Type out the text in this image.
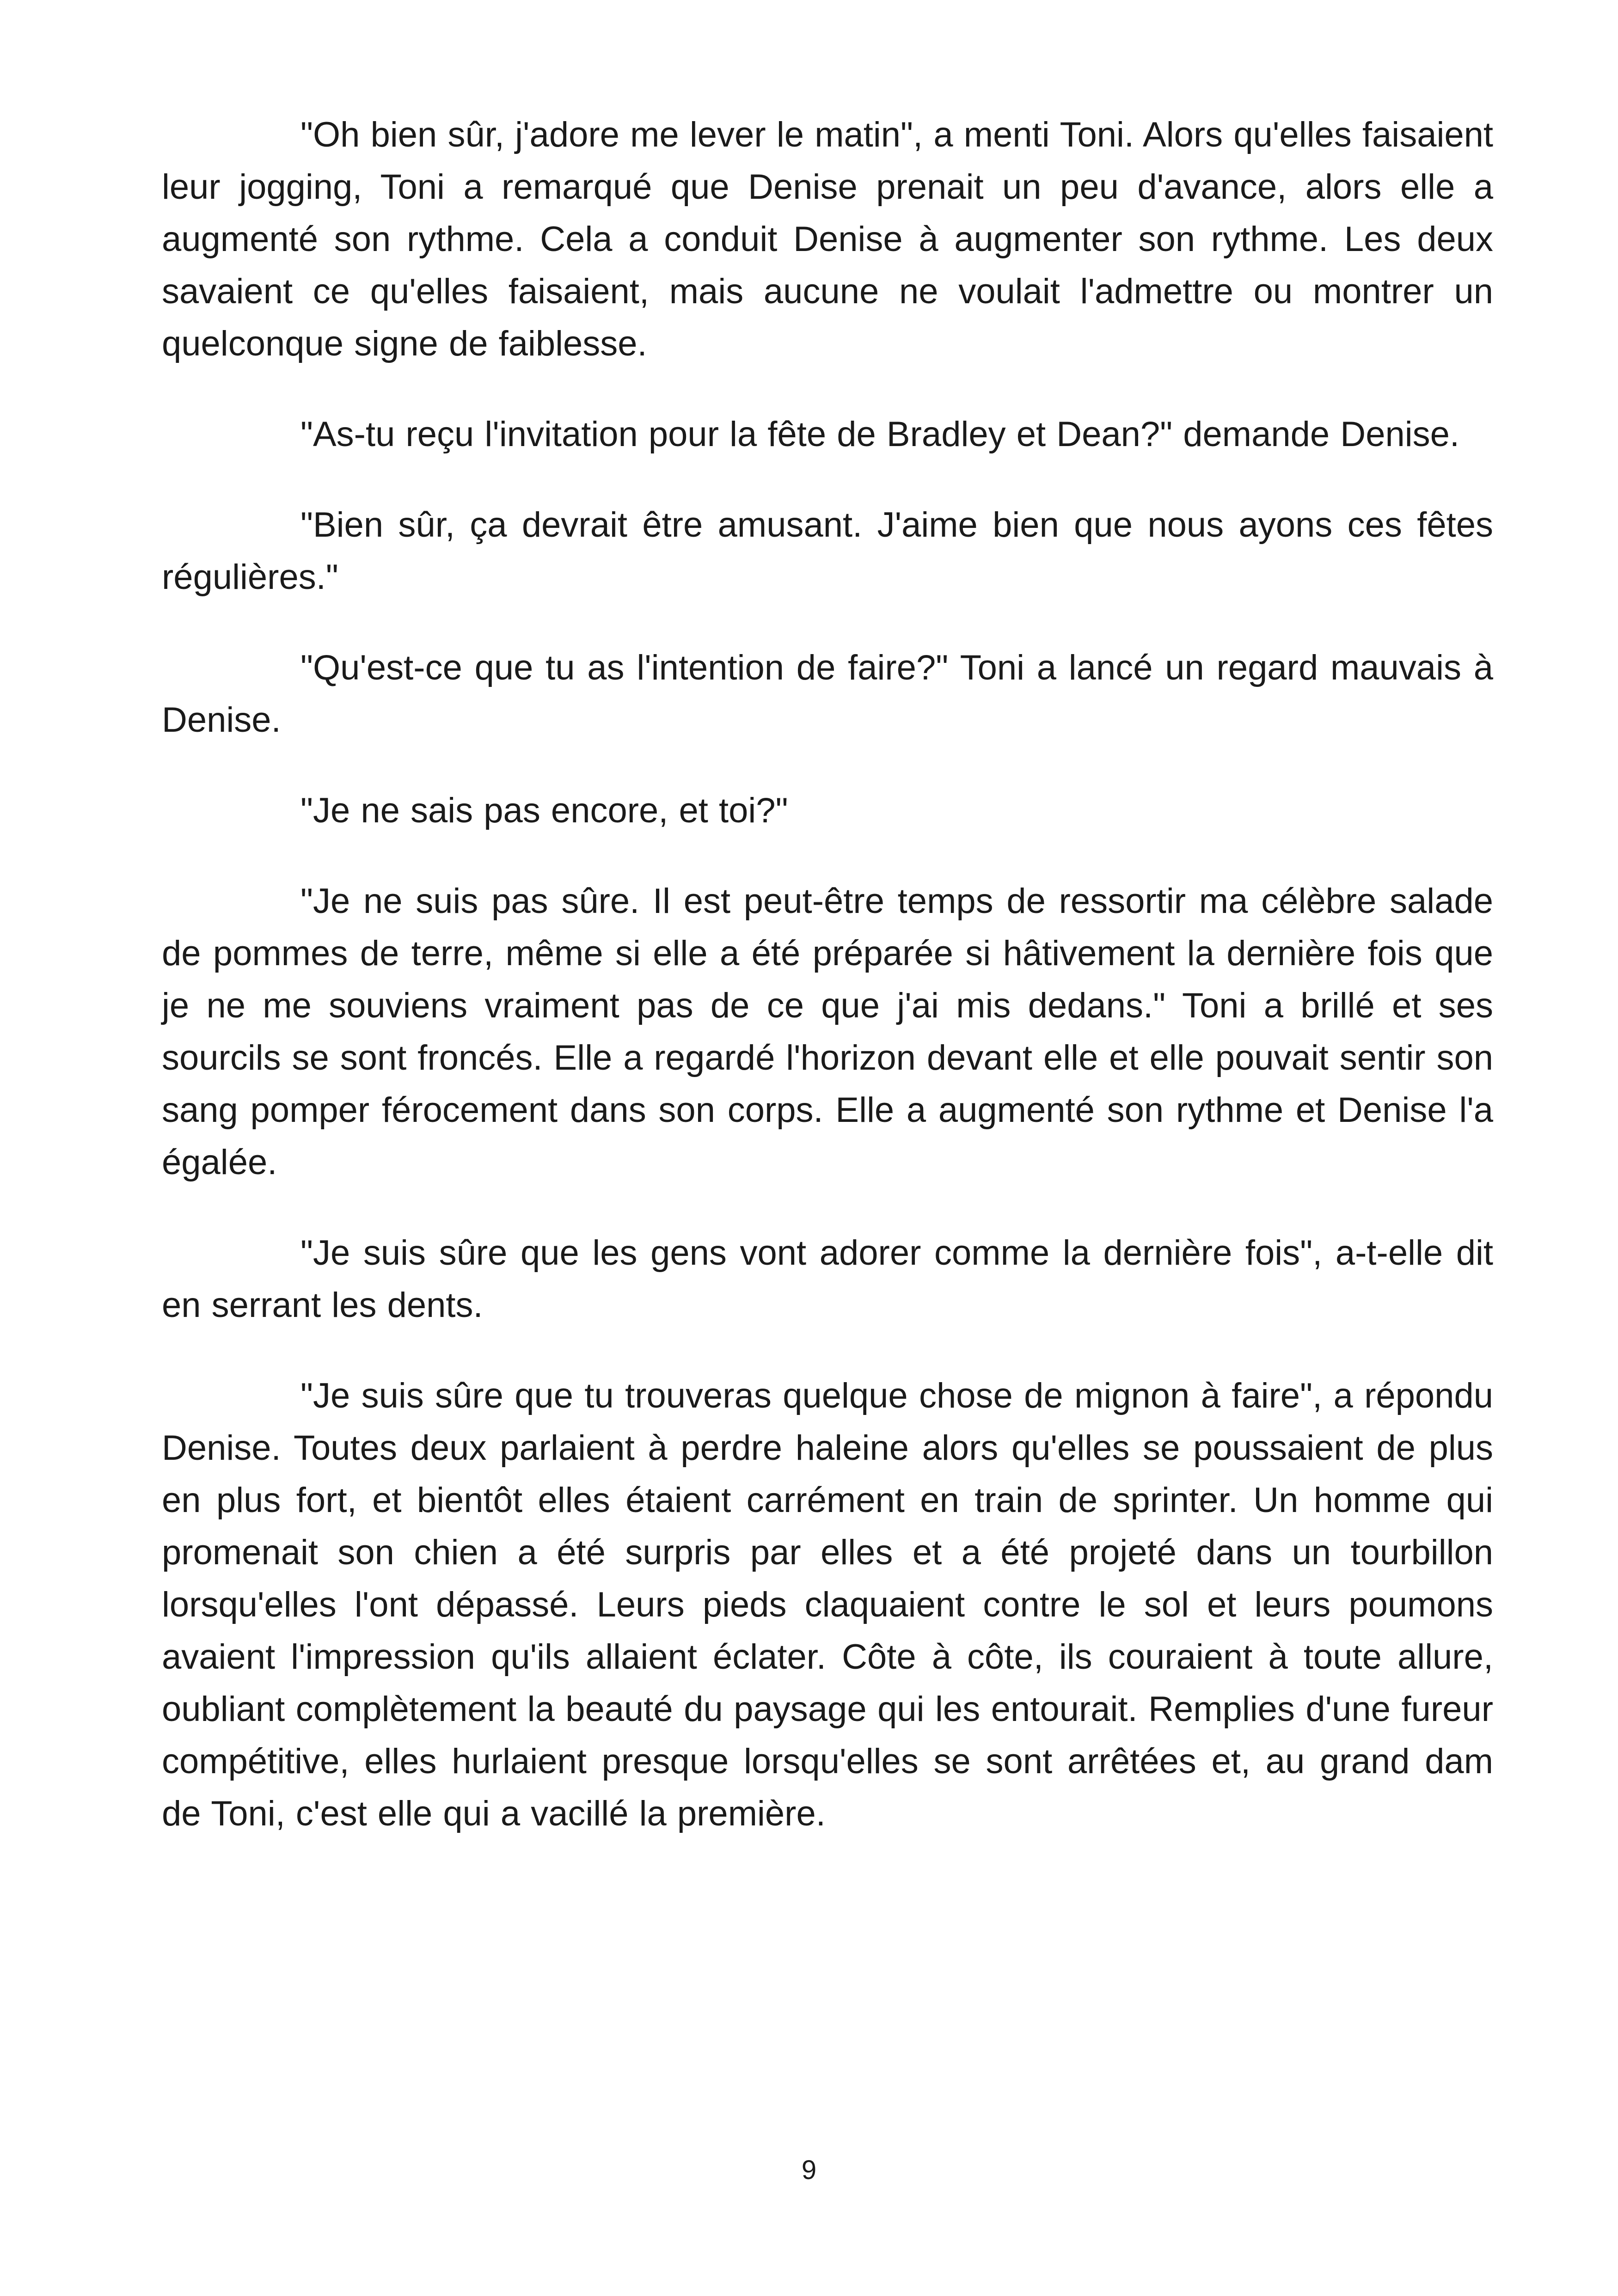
"Oh bien sûr, j'adore me lever le matin", a menti Toni. Alors qu'elles faisaient leur jogging, Toni a remarqué que Denise prenait un peu d'avance, alors elle a augmenté son rythme. Cela a conduit Denise à augmenter son rythme. Les deux savaient ce qu'elles faisaient, mais aucune ne voulait l'admettre ou montrer un quelconque signe de faiblesse.

"As-tu reçu l'invitation pour la fête de Bradley et Dean?" demande Denise.

"Bien sûr, ça devrait être amusant. J'aime bien que nous ayons ces fêtes régulières."

"Qu'est-ce que tu as l'intention de faire?" Toni a lancé un regard mauvais à Denise.

"Je ne sais pas encore, et toi?"

"Je ne suis pas sûre. Il est peut-être temps de ressortir ma célèbre salade de pommes de terre, même si elle a été préparée si hâtivement la dernière fois que je ne me souviens vraiment pas de ce que j'ai mis dedans." Toni a brillé et ses sourcils se sont froncés. Elle a regardé l'horizon devant elle et elle pouvait sentir son sang pomper férocement dans son corps. Elle a augmenté son rythme et Denise l'a égalée.

"Je suis sûre que les gens vont adorer comme la dernière fois", a-t-elle dit en serrant les dents.

"Je suis sûre que tu trouveras quelque chose de mignon à faire", a répondu Denise. Toutes deux parlaient à perdre haleine alors qu'elles se poussaient de plus en plus fort, et bientôt elles étaient carrément en train de sprinter. Un homme qui promenait son chien a été surpris par elles et a été projeté dans un tourbillon lorsqu'elles l'ont dépassé. Leurs pieds claquaient contre le sol et leurs poumons avaient l'impression qu'ils allaient éclater. Côte à côte, ils couraient à toute allure, oubliant complètement la beauté du paysage qui les entourait. Remplies d'une fureur compétitive, elles hurlaient presque lorsqu'elles se sont arrêtées et, au grand dam de Toni, c'est elle qui a vacillé la première.

9
